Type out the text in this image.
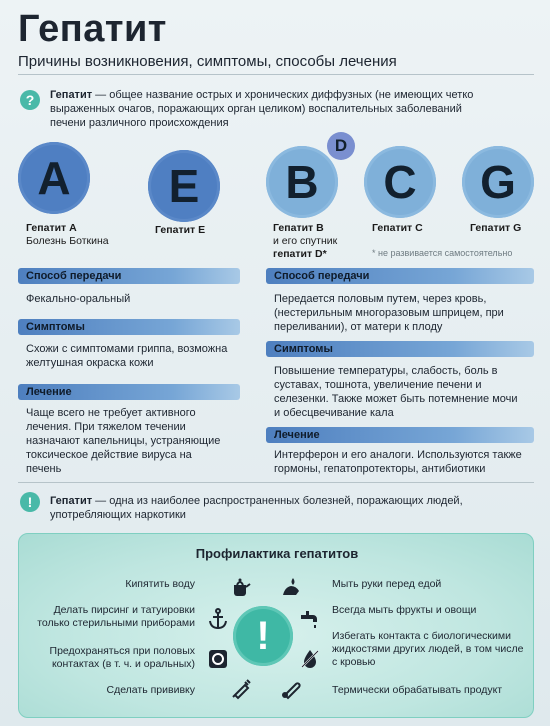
Гепатит
Причины возникновения, симптомы, способы лечения
?	Гепатит — общее название острых и хронических диффузных (не имеющих четко выраженных очагов, поражающих орган целиком) воспалительных заболеваний печени различного происхождения
A	E	B
D
C	G
Гепатит A
Болезнь Боткина
Гепатит E	Гепатит B
и его спутник
гепатит D*
Гепатит C	Гепатит G
* не развивается самостоятельно
Способ передачи
Фекально-оральный
Симптомы
Схожи с симптомами гриппа, возможна желтушная окраска кожи
Лечение
Чаще всего не требует активного лечения. При тяжелом течении назначают капельницы, устраняющие токсическое действие вируса на печень
Способ передачи
Передается половым путем, через кровь, (нестерильным многоразовым шприцем, при переливании), от матери к плоду
Симптомы
Повышение температуры, слабость, боль в суставах, тошнота, увеличение печени и селезенки. Также может быть потемнение мочи и обесцвечивание кала
Лечение
Интерферон и его аналоги. Используются также гормоны, гепатопротекторы, антибиотики
!	Гепатит — одна из наиболее распространенных болезней, поражающих людей, употребляющих наркотики
Профилактика гепатитов
!
Кипятить воду
Делать пирсинг и татуировки только стерильными приборами
Предохраняться при половых контактах (в т. ч. и оральных)
Сделать прививку
Мыть руки перед едой
Всегда мыть фрукты и овощи
Избегать контакта с биологическими жидкостями других людей, в том числе с кровью
Термически обрабатывать продукт
